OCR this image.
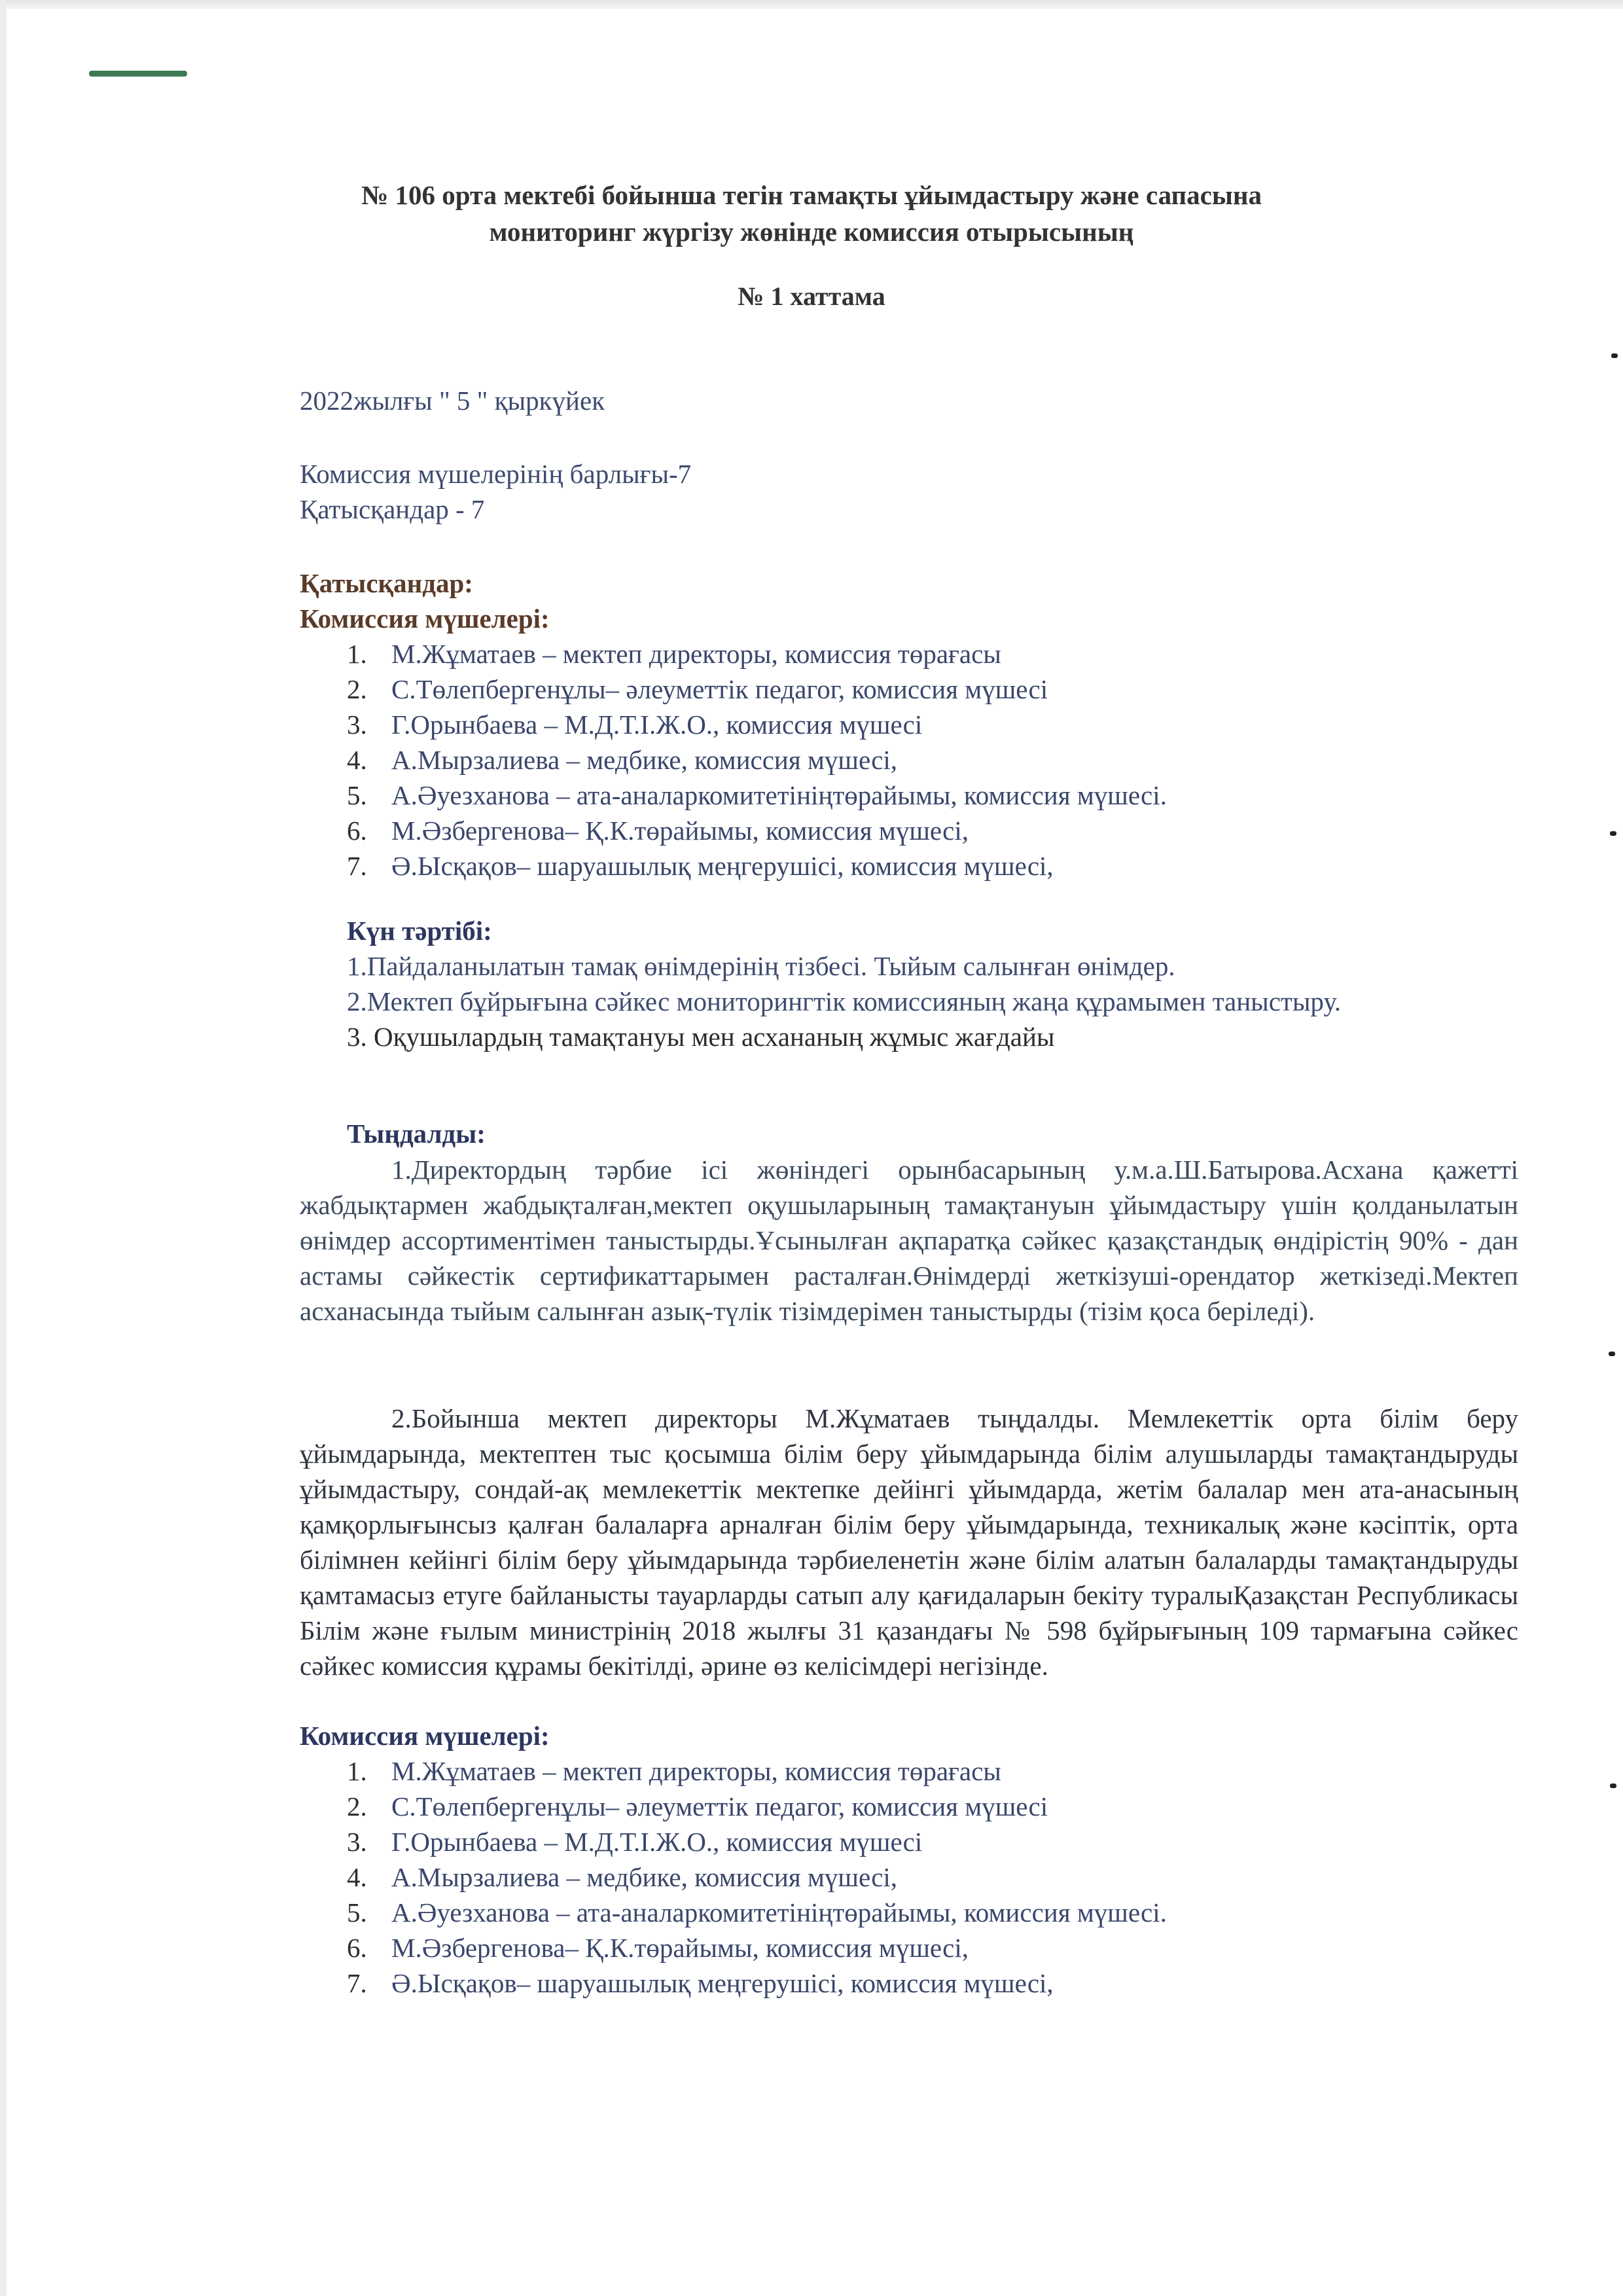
№ 106 орта мектебі бойынша тегін тамақты ұйымдастыру және сапасына
мониторинг жүргізу жөнінде комиссия отырысының
№ 1 хаттама
2022жылғы " 5 " қыркүйек
Комиссия мүшелерінің барлығы-7
Қатысқандар - 7
Қатысқандар:
Комиссия мүшелері:
1. М.Жұматаев – мектеп директоры, комиссия төрағасы
2. С.Төлепбергенұлы– әлеуметтік педагог, комиссия мүшесі
3. Г.Орынбаева – М.Д.Т.І.Ж.О., комиссия мүшесі
4. А.Мырзалиева – медбике, комиссия мүшесі,
5. А.Әуезханова – ата-аналаркомитетініңтөрайымы, комиссия мүшесі.
6. М.Әзбергенова– Қ.К.төрайымы, комиссия мүшесі,
7. Ә.Ысқақов– шаруашылық меңгерушісі, комиссия мүшесі,
Күн тәртібі:
1.Пайдаланылатын тамақ өнімдерінің тізбесі. Тыйым салынған өнімдер.
2.Мектеп бұйрығына сәйкес мониторингтік комиссияның жаңа құрамымен таныстыру.
3. Оқушылардың тамақтануы мен асхананың жұмыс жағдайы
Тыңдалды:
1.Директордың тәрбие ісі жөніндегі орынбасарының у.м.а.Ш.Батырова.Асхана қажетті жабдықтармен жабдықталған,мектеп оқушыларының тамақтануын ұйымдастыру үшін қолданылатын өнімдер ассортиментімен таныстырды.Ұсынылған ақпаратқа сәйкес қазақстандық өндірістің 90% - дан астамы сәйкестік сертификаттарымен расталған.Өнімдерді жеткізуші-орендатор жеткізеді.Мектеп асханасында тыйым салынған азық-түлік тізімдерімен таныстырды (тізім қоса беріледі).
2.Бойынша мектеп директоры М.Жұматаев тыңдалды. Мемлекеттік орта білім беру ұйымдарында, мектептен тыс қосымша білім беру ұйымдарында білім алушыларды тамақтандыруды ұйымдастыру, сондай-ақ мемлекеттік мектепке дейінгі ұйымдарда, жетім балалар мен ата-анасының қамқорлығынсыз қалған балаларға арналған білім беру ұйымдарында, техникалық және кәсіптік, орта білімнен кейінгі білім беру ұйымдарында тәрбиеленетін және білім алатын балаларды тамақтандыруды қамтамасыз етуге байланысты тауарларды сатып алу қағидаларын бекіту туралыҚазақстан Республикасы Білім және ғылым министрінің 2018 жылғы 31 қазандағы № 598 бұйрығының 109 тармағына сәйкес сәйкес комиссия құрамы бекітілді, әрине өз келісімдері негізінде.
Комиссия мүшелері:
1. М.Жұматаев – мектеп директоры, комиссия төрағасы
2. С.Төлепбергенұлы– әлеуметтік педагог, комиссия мүшесі
3. Г.Орынбаева – М.Д.Т.І.Ж.О., комиссия мүшесі
4. А.Мырзалиева – медбике, комиссия мүшесі,
5. А.Әуезханова – ата-аналаркомитетініңтөрайымы, комиссия мүшесі.
6. М.Әзбергенова– Қ.К.төрайымы, комиссия мүшесі,
7. Ә.Ысқақов– шаруашылық меңгерушісі, комиссия мүшесі,
